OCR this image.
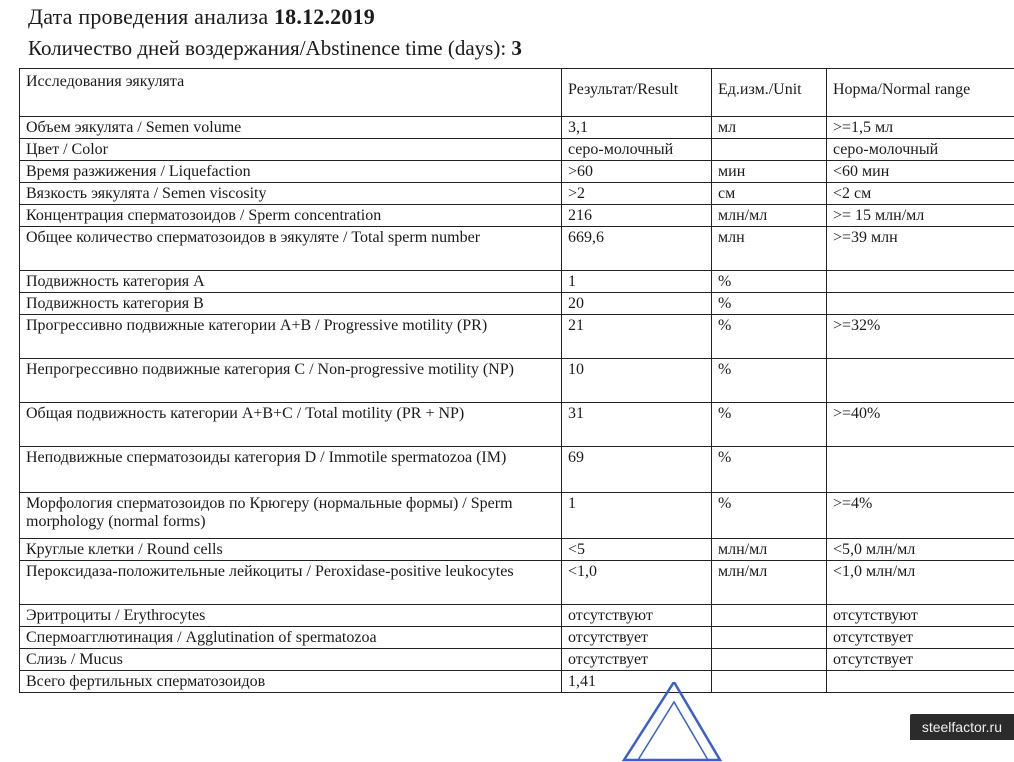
Дата проведения анализа 18.12.2019
Количество дней воздержания/Abstinence time (days): 3
Исследования эякулята	Результат/Result	Ед.изм./Unit	Норма/Normal range
Объем эякулята / Semen volume	3,1	мл	>=1,5 мл
Цвет / Color	серо-молочный		серо-молочный
Время разжижения / Liquefaction	>60	мин	<60 мин
Вязкость эякулята / Semen viscosity	>2	см	<2 см
Концентрация сперматозоидов / Sperm concentration	216	млн/мл	>= 15 млн/мл
Общее количество сперматозоидов в эякуляте / Total sperm number	669,6	млн	>=39 млн
Подвижность категория А	1	%	
Подвижность категория В	20	%	
Прогрессивно подвижные категории А+В / Progressive motility (PR)	21	%	>=32%
Непрогрессивно подвижные категория С / Non-progressive motility (NP)	10	%	
Общая подвижность категории А+В+С / Total motility (PR + NP)	31	%	>=40%
Неподвижные сперматозоиды категория D / Immotile spermatozoa (IM)	69	%	
Морфология сперматозоидов по Крюгеру (нормальные формы) / Sperm morphology (normal forms)	1	%	>=4%
Круглые клетки / Round cells	<5	млн/мл	<5,0 млн/мл
Пероксидаза-положительные лейкоциты / Peroxidase-positive leukocytes	<1,0	млн/мл	<1,0 млн/мл
Эритроциты / Erythrocytes	отсутствуют		отсутствуют
Спермоагглютинация / Agglutination of spermatozoa	отсутствует		отсутствует
Слизь / Mucus	отсутствует		отсутствует
Всего фертильных сперматозоидов	1,41		
steelfactor.ru
